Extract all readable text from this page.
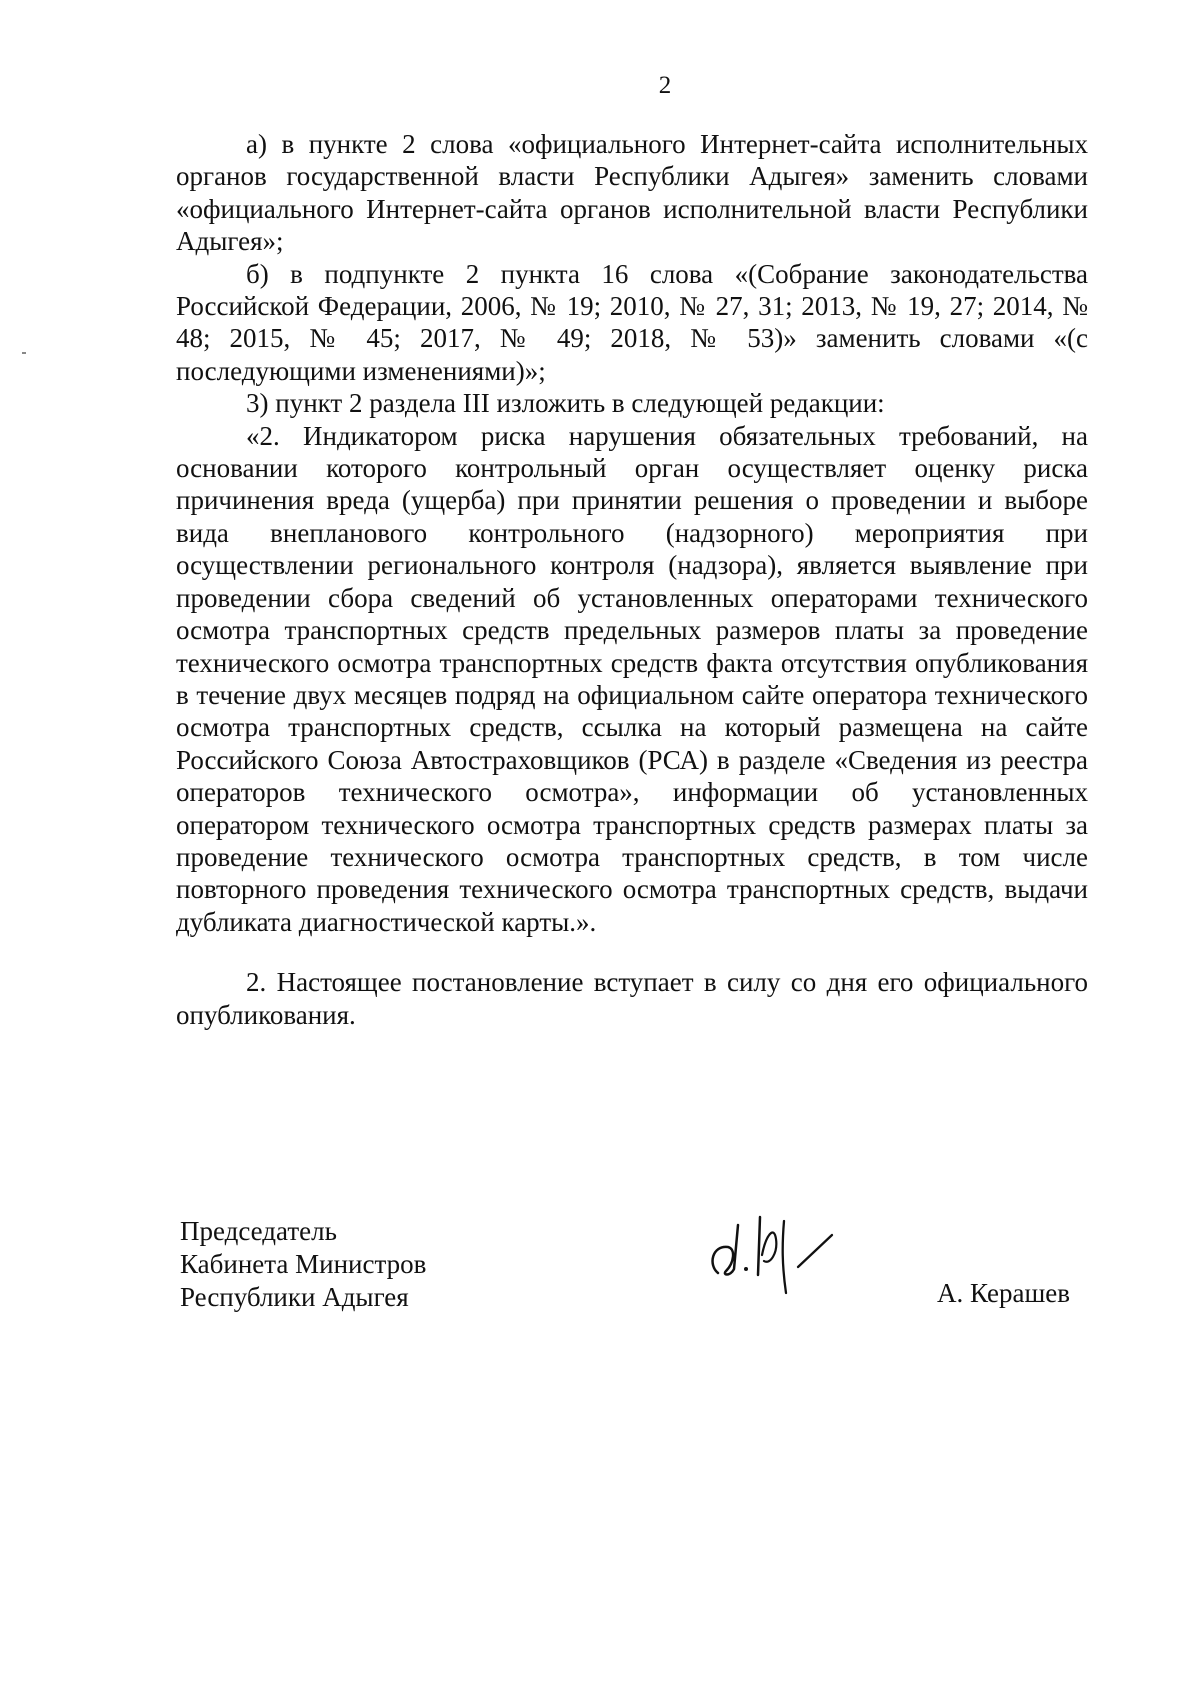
2

а) в пункте 2 слова «официального Интернет-сайта исполнительных органов государственной власти Республики Адыгея» заменить словами «официального Интернет-сайта органов исполнительной власти Республики Адыгея»;

б) в подпункте 2 пункта 16 слова «(Собрание законодательства Российской Федерации, 2006, № 19; 2010, № 27, 31; 2013, № 19, 27; 2014, № 48; 2015, № 45; 2017, № 49; 2018, № 53)» заменить словами «(с последующими изменениями)»;

3) пункт 2 раздела III изложить в следующей редакции:

«2. Индикатором риска нарушения обязательных требований, на основании которого контрольный орган осуществляет оценку риска причинения вреда (ущерба) при принятии решения о проведении и выборе вида внепланового контрольного (надзорного) мероприятия при осуществлении регионального контроля (надзора), является выявление при проведении сбора сведений об установленных операторами технического осмотра транспортных средств предельных размеров платы за проведение технического осмотра транспортных средств факта отсутствия опубликования в течение двух месяцев подряд на официальном сайте оператора технического осмотра транспортных средств, ссылка на который размещена на сайте Российского Союза Автостраховщиков (РСА) в разделе «Сведения из реестра операторов технического осмотра», информации об установленных оператором технического осмотра транспортных средств размерах платы за проведение технического осмотра транспортных средств, в том числе повторного проведения технического осмотра транспортных средств, выдачи дубликата диагностической карты.».

2. Настоящее постановление вступает в силу со дня его официального опубликования.

Председатель
Кабинета Министров
Республики Адыгея	А. Керашев
